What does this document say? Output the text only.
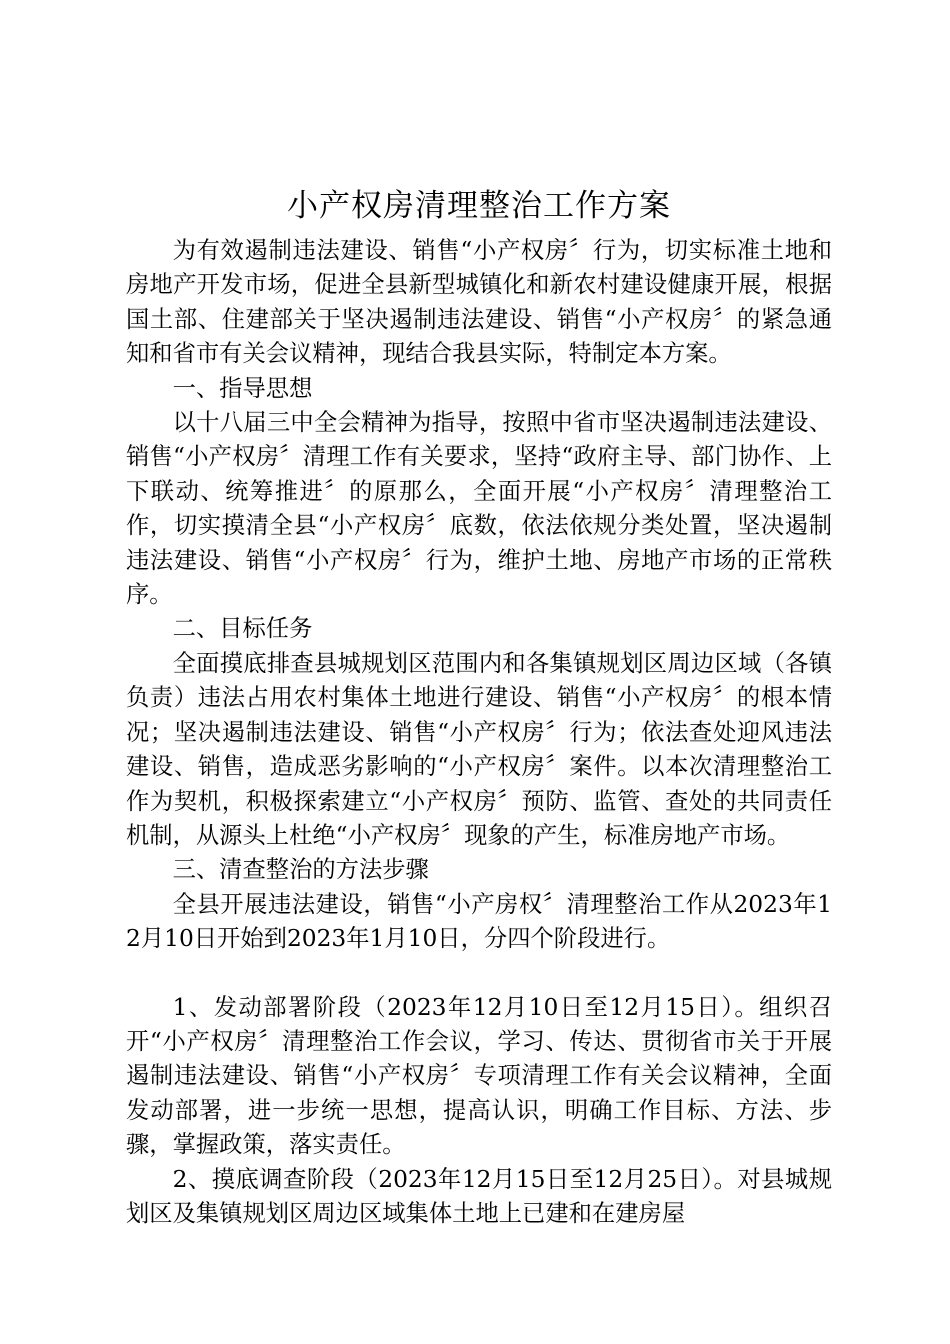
小产权房清理整治工作方案

为有效遏制违法建设、销售“小产权房〞行为，切实标准土地和房地产开发市场，促进全县新型城镇化和新农村建设健康开展，根据国土部、住建部关于坚决遏制违法建设、销售“小产权房〞的紧急通知和省市有关会议精神，现结合我县实际，特制定本方案。

一、指导思想

以十八届三中全会精神为指导，按照中省市坚决遏制违法建设、销售“小产权房〞清理工作有关要求，坚持“政府主导、部门协作、上下联动、统筹推进〞的原那么，全面开展“小产权房〞清理整治工作，切实摸清全县“小产权房〞底数，依法依规分类处置，坚决遏制违法建设、销售“小产权房〞行为，维护土地、房地产市场的正常秩序。

二、目标任务

全面摸底排查县城规划区范围内和各集镇规划区周边区域（各镇负责）违法占用农村集体土地进行建设、销售“小产权房〞的根本情况；坚决遏制违法建设、销售“小产权房〞行为；依法查处迎风违法建设、销售，造成恶劣影响的“小产权房〞案件。以本次清理整治工作为契机，积极探索建立“小产权房〞预防、监管、查处的共同责任机制，从源头上杜绝“小产权房〞现象的产生，标准房地产市场。

三、清查整治的方法步骤

全县开展违法建设，销售“小产房权〞清理整治工作从2023年12月10日开始到2023年1月10日，分四个阶段进行。

1、发动部署阶段（2023年12月10日至12月15日）。组织召开“小产权房〞清理整治工作会议，学习、传达、贯彻省市关于开展遏制违法建设、销售“小产权房〞专项清理工作有关会议精神，全面发动部署，进一步统一思想，提高认识，明确工作目标、方法、步骤，掌握政策，落实责任。

2、摸底调查阶段（2023年12月15日至12月25日）。对县城规划区及集镇规划区周边区域集体土地上已建和在建房屋
